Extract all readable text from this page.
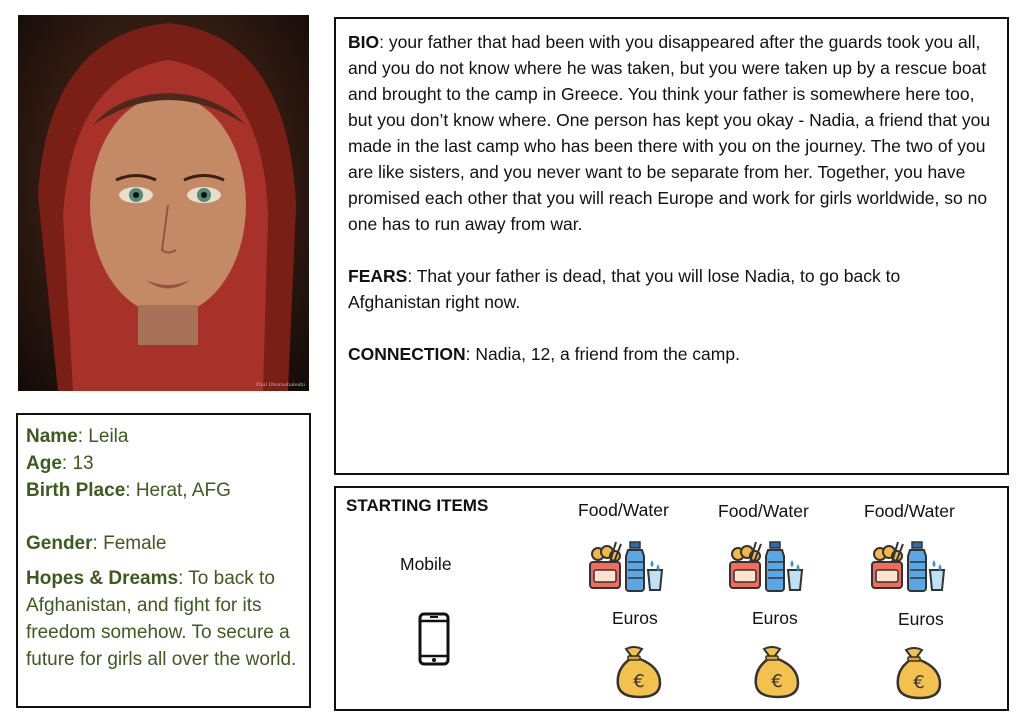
Paul Dhoroshaleshi

Name: Leila

Age: 13

Birth Place: Herat, AFG

Gender: Female

Hopes & Dreams: To back to Afghanistan, and fight for its freedom somehow. To secure a future for girls all over the world.

BIO: your father that had been with you disappeared after the guards took you all, and you do not know where he was taken, but you were taken up by a rescue boat and brought to the camp in Greece. You think your father is somewhere here too, but you don’t know where. One person has kept you okay - Nadia, a friend that you made in the last camp who has been there with you on the journey. The two of you are like sisters, and you never want to be separate from her. Together, you have promised each other that you will reach Europe and work for girls worldwide, so no one has to run away from war.

FEARS: That your father is dead, that you will lose Nadia, to go back to Afghanistan right now.

CONNECTION: Nadia, 12, a friend from the camp.

STARTING ITEMS
Mobile
Food/Water
Euros
Food/Water
Euros
Food/Water
Euros
